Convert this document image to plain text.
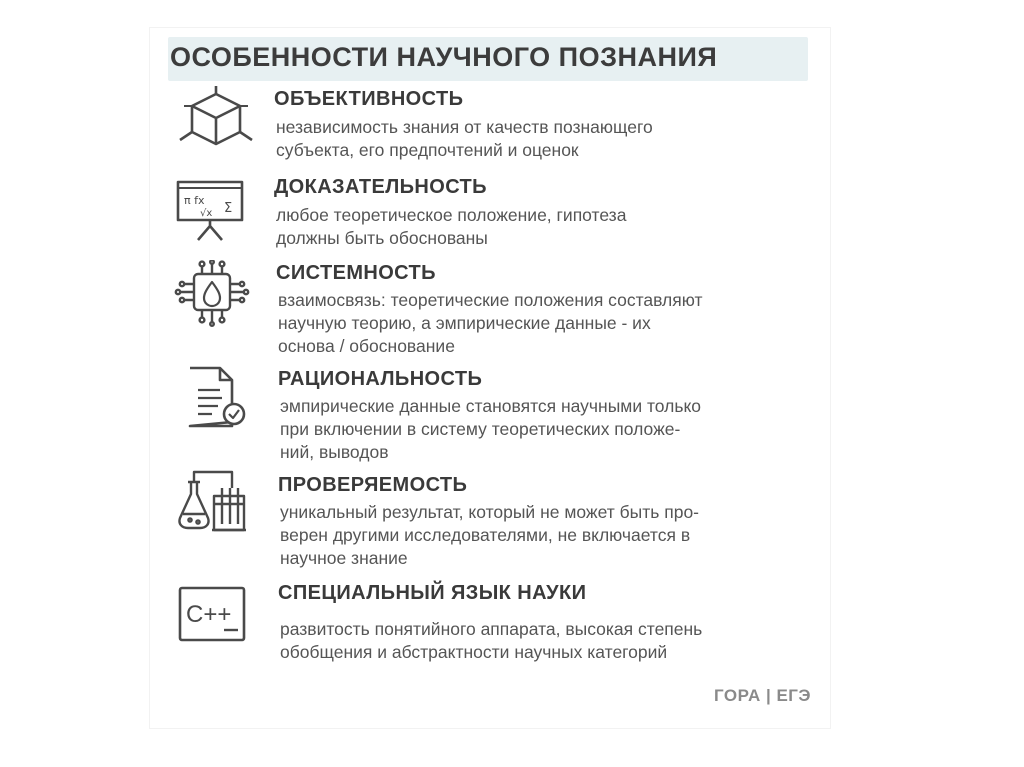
ОСОБЕННОСТИ НАУЧНОГО ПОЗНАНИЯ
ОБЪЕКТИВНОСТЬ
независимость знания от качеств познающего
субъекта, его предпочтений и оценок
π fx
√x Σ
ДОКАЗАТЕЛЬНОСТЬ
любое теоретическое положение, гипотеза
должны быть обоснованы
СИСТЕМНОСТЬ
взаимосвязь: теоретические положения составляют
научную теорию, а эмпирические данные - их
основа / обоснование
РАЦИОНАЛЬНОСТЬ
эмпирические данные становятся научными только
при включении в систему теоретических положе-
ний, выводов
ПРОВЕРЯЕМОСТЬ
уникальный результат, который не может быть про-
верен другими исследователями, не включается в
научное знание
C++
СПЕЦИАЛЬНЫЙ ЯЗЫК НАУКИ
развитость понятийного аппарата, высокая степень
обобщения и абстрактности научных категорий
ГОРА | ЕГЭ
